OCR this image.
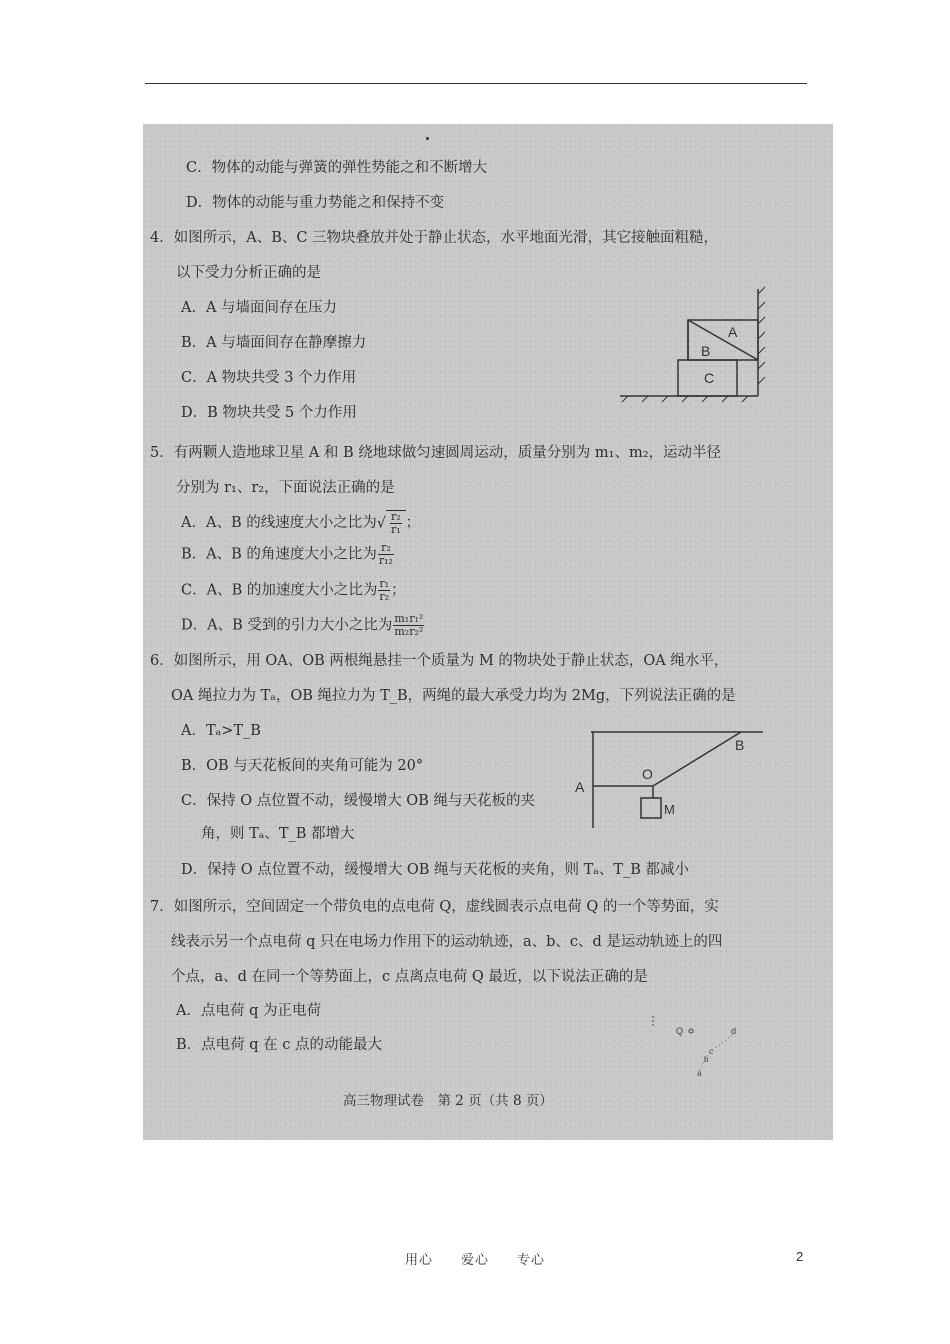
C．物体的动能与弹簧的弹性势能之和不断增大
D．物体的动能与重力势能之和保持不变
4．如图所示，A、B、C 三物块叠放并处于静止状态，水平地面光滑，其它接触面粗糙，
以下受力分析正确的是
A．A 与墙面间存在压力
B．A 与墙面间存在静摩擦力
C．A 物块共受 3 个力作用
D．B 物块共受 5 个力作用
A
B
C
5．有两颗人造地球卫星 A 和 B 绕地球做匀速圆周运动，质量分别为 m₁、m₂，运动半径
分别为 r₁、r₂，下面说法正确的是
A．A、B 的线速度大小之比为√ $\frac{\text{r₂}}{\text{r₁}}$ ；
B．A、B 的角速度大小之比为 $\frac{\text{r₂}}{\text{r₁₂}}$
C．A、B 的加速度大小之比为 $\frac{\text{r₁}}{\text{r₂}}$ ；
D．A、B 受到的引力大小之比为 $\frac{\text{m₁r₁²}}{\text{m₂r₂²}}$
6．如图所示，用 OA、OB 两根绳悬挂一个质量为 M 的物块处于静止状态，OA 绳水平，
OA 绳拉力为 Tₐ，OB 绳拉力为 T_B，两绳的最大承受力均为 2Mg，下列说法正确的是
A．Tₐ>T_B
B．OB 与天花板间的夹角可能为 20°
C．保持 O 点位置不动，缓慢增大 OB 绳与天花板的夹
角，则 Tₐ、T_B 都增大
D．保持 O 点位置不动，缓慢增大 OB 绳与天花板的夹角，则 Tₐ、T_B 都减小
A
B
O
M
7．如图所示，空间固定一个带负电的点电荷 Q，虚线圆表示点电荷 Q 的一个等势面，实
线表示另一个点电荷 q 只在电场力作用下的运动轨迹，a、b、c、d 是运动轨迹上的四
个点，a、d 在同一个等势面上，c 点离点电荷 Q 最近，以下说法正确的是
A．点电荷 q 为正电荷
B．点电荷 q 在 c 点的动能最大
Q	d
c
b
a
高三物理试卷　第 2 页（共 8 页）
用心　　爱心　　专心	2
